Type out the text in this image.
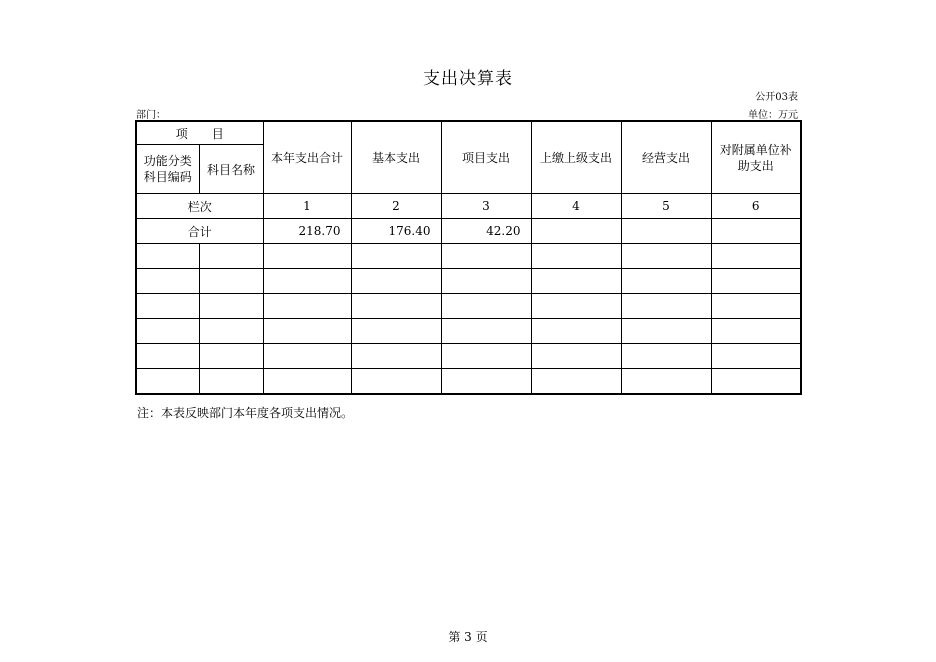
支出决算表
公开03表
部门：	单位：万元
项　　目		本年支出合计	基本支出	项目支出	上缴上级支出	经营支出	对附属单位补助支出
功能分类科目编码	科目名称						
栏次		1	2	3	4	5	6
合计		218.70	176.40	42.20			

注：本表反映部门本年度各项支出情况。
第 3 页
